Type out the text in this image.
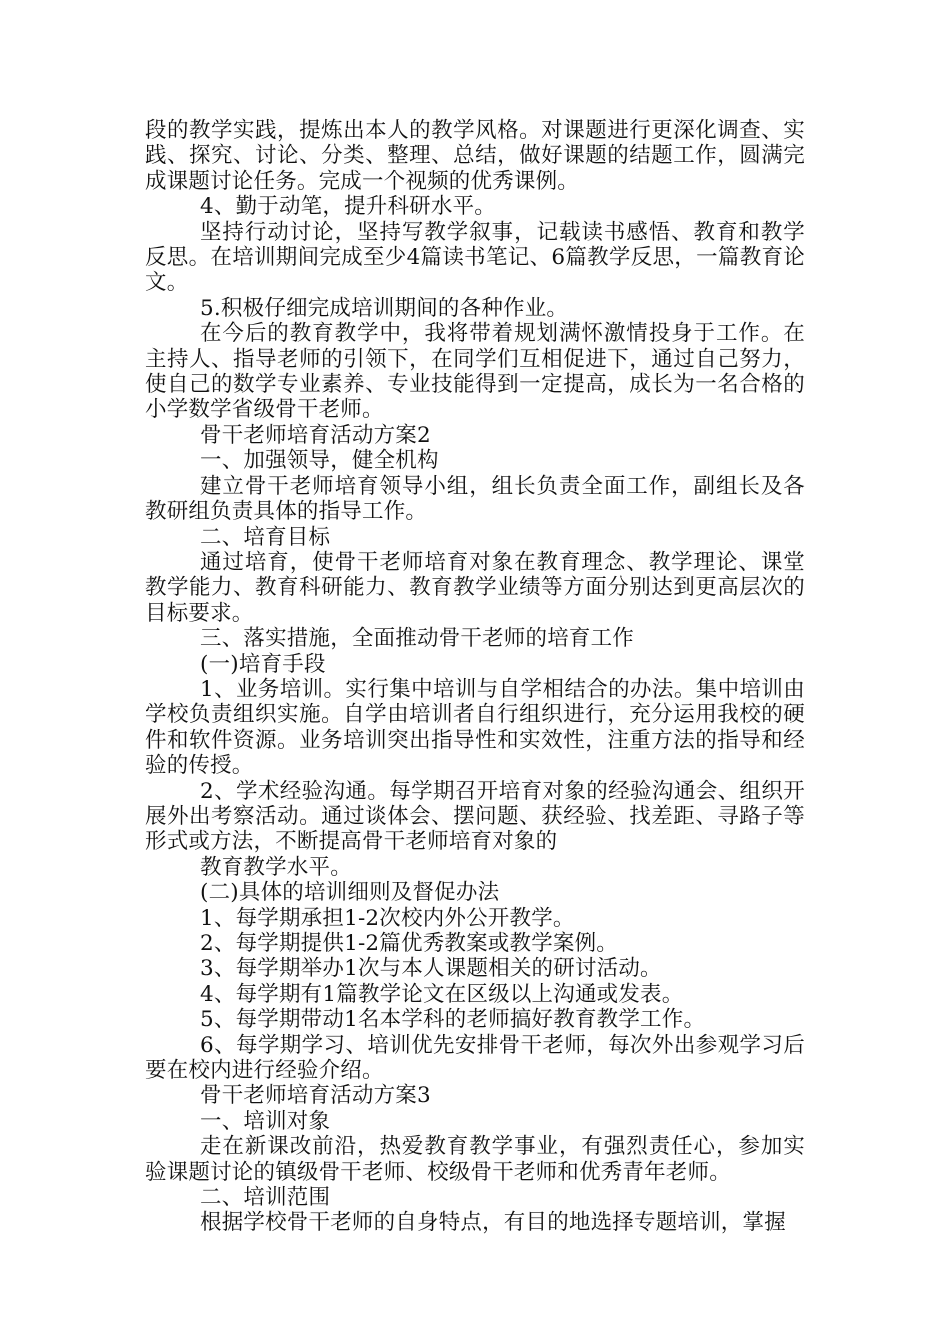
段的教学实践，提炼出本人的教学风格。对课题进行更深化调查、实践、探究、讨论、分类、整理、总结，做好课题的结题工作，圆满完成课题讨论任务。完成一个视频的优秀课例。

4、勤于动笔，提升科研水平。

坚持行动讨论，坚持写教学叙事，记载读书感悟、教育和教学反思。在培训期间完成至少4篇读书笔记、6篇教学反思，一篇教育论文。

5.积极仔细完成培训期间的各种作业。

在今后的教育教学中，我将带着规划满怀激情投身于工作。在主持人、指导老师的引领下，在同学们互相促进下，通过自己努力，使自己的数学专业素养、专业技能得到一定提高，成长为一名合格的小学数学省级骨干老师。

骨干老师培育活动方案2

一、加强领导，健全机构

建立骨干老师培育领导小组，组长负责全面工作，副组长及各教研组负责具体的指导工作。

二、培育目标

通过培育，使骨干老师培育对象在教育理念、教学理论、课堂教学能力、教育科研能力、教育教学业绩等方面分别达到更高层次的目标要求。

三、落实措施，全面推动骨干老师的培育工作

(一)培育手段

1、业务培训。实行集中培训与自学相结合的办法。集中培训由学校负责组织实施。自学由培训者自行组织进行，充分运用我校的硬件和软件资源。业务培训突出指导性和实效性，注重方法的指导和经验的传授。

2、学术经验沟通。每学期召开培育对象的经验沟通会、组织开展外出考察活动。通过谈体会、摆问题、获经验、找差距、寻路子等形式或方法，不断提高骨干老师培育对象的

教育教学水平。

(二)具体的培训细则及督促办法

1、每学期承担1-2次校内外公开教学。

2、每学期提供1-2篇优秀教案或教学案例。

3、每学期举办1次与本人课题相关的研讨活动。

4、每学期有1篇教学论文在区级以上沟通或发表。

5、每学期带动1名本学科的老师搞好教育教学工作。

6、每学期学习、培训优先安排骨干老师，每次外出参观学习后要在校内进行经验介绍。

骨干老师培育活动方案3

一、培训对象

走在新课改前沿，热爱教育教学事业，有强烈责任心，参加实验课题讨论的镇级骨干老师、校级骨干老师和优秀青年老师。

二、培训范围

根据学校骨干老师的自身特点，有目的地选择专题培训，掌握
